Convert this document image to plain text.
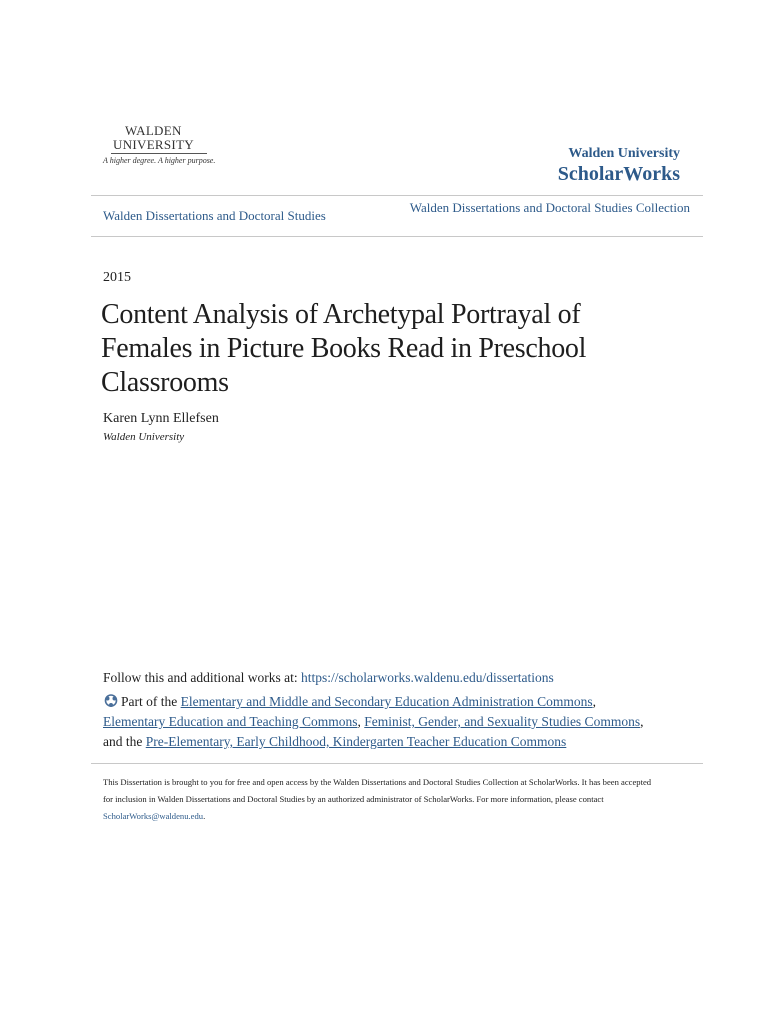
WALDEN
UNIVERSITY
A higher degree. A higher purpose.	Walden University
ScholarWorks
Walden Dissertations and Doctoral Studies
Walden Dissertations and Doctoral Studies Collection
2015
Content Analysis of Archetypal Portrayal of Females in Picture Books Read in Preschool Classrooms
Karen Lynn Ellefsen
Walden University
Follow this and additional works at: https://scholarworks.waldenu.edu/dissertations
Part of the Elementary and Middle and Secondary Education Administration Commons,
Elementary Education and Teaching Commons, Feminist, Gender, and Sexuality Studies Commons,
and the Pre-Elementary, Early Childhood, Kindergarten Teacher Education Commons
This Dissertation is brought to you for free and open access by the Walden Dissertations and Doctoral Studies Collection at ScholarWorks. It has been accepted for inclusion in Walden Dissertations and Doctoral Studies by an authorized administrator of ScholarWorks. For more information, please contact ScholarWorks@waldenu.edu.
